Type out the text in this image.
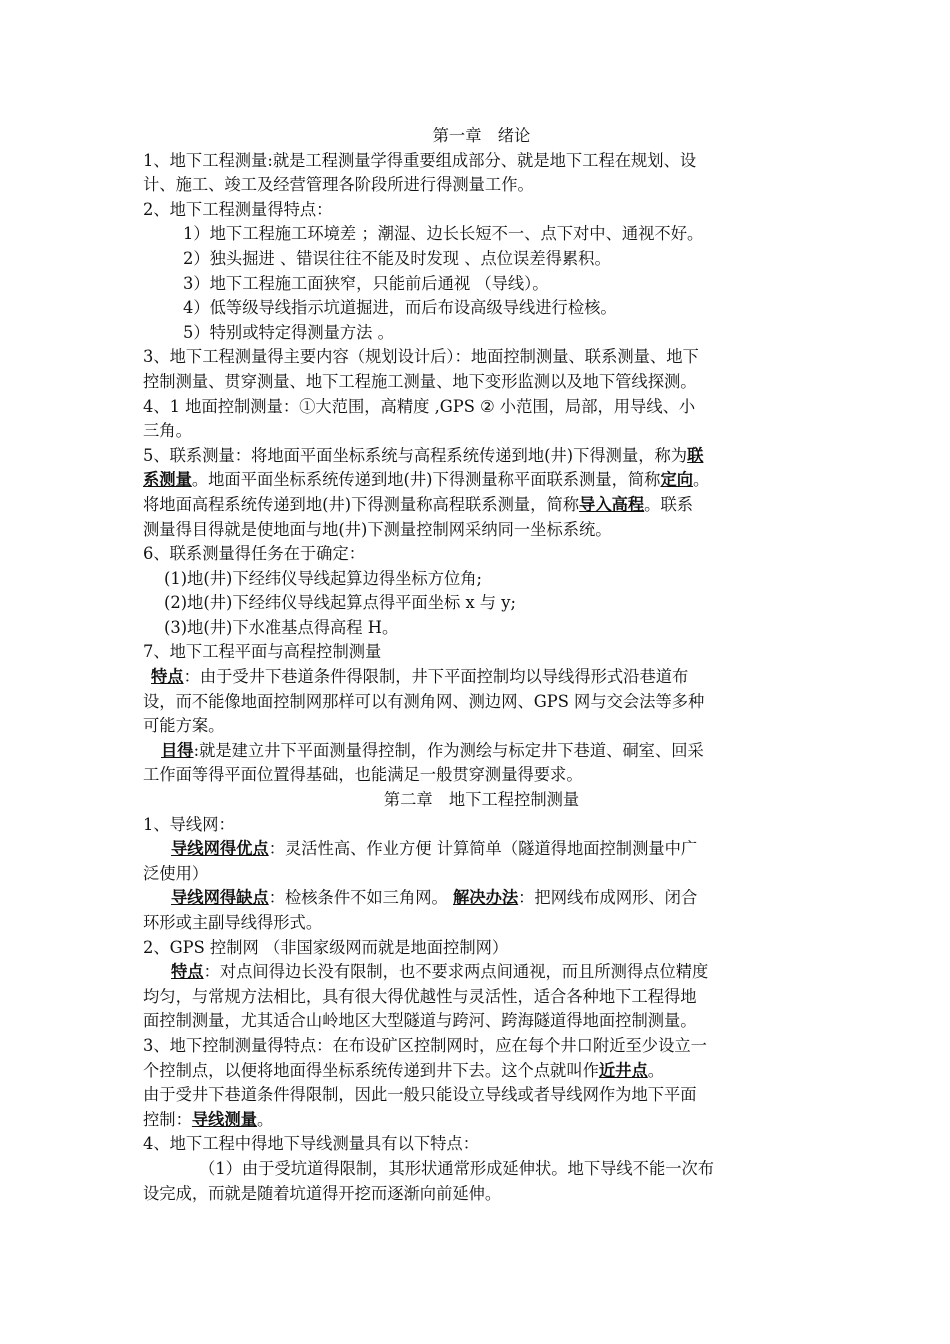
第一章　绪论
1、地下工程测量:就是工程测量学得重要组成部分、就是地下工程在规划、设
计、施工、竣工及经营管理各阶段所进行得测量工作。
2、地下工程测量得特点：
1）地下工程施工环境差 ；潮湿、边长长短不一、点下对中、通视不好。
2）独头掘进 、错误往往不能及时发现 、点位误差得累积。
3）地下工程施工面狭窄，只能前后通视 （导线）。
4）低等级导线指示坑道掘进，而后布设高级导线进行检核。
5）特别或特定得测量方法 。
3、地下工程测量得主要内容（规划设计后）：地面控制测量、联系测量、地下
控制测量、贯穿测量、地下工程施工测量、地下变形监测以及地下管线探测。
4、1 地面控制测量：①大范围，高精度 ,GPS ② 小范围，局部，用导线、小
三角。
5、联系测量：将地面平面坐标系统与高程系统传递到地(井)下得测量，称为联
系测量。地面平面坐标系统传递到地(井)下得测量称平面联系测量，简称定向。
将地面高程系统传递到地(井)下得测量称高程联系测量，简称导入高程。联系
测量得目得就是使地面与地(井)下测量控制网采纳同一坐标系统。
6、联系测量得任务在于确定：
(1)地(井)下经纬仪导线起算边得坐标方位角;
(2)地(井)下经纬仪导线起算点得平面坐标 x 与 y;
(3)地(井)下水准基点得高程 H。
7、地下工程平面与高程控制测量
特点：由于受井下巷道条件得限制，井下平面控制均以导线得形式沿巷道布
设，而不能像地面控制网那样可以有测角网、测边网、GPS 网与交会法等多种
可能方案。
目得:就是建立井下平面测量得控制，作为测绘与标定井下巷道、硐室、回采
工作面等得平面位置得基础，也能满足一般贯穿测量得要求。
第二章　地下工程控制测量
1、导线网：
导线网得优点：灵活性高、作业方便 计算简单（隧道得地面控制测量中广
泛使用）
导线网得缺点：检核条件不如三角网。 解决办法：把网线布成网形、闭合
环形或主副导线得形式。
2、GPS 控制网 （非国家级网而就是地面控制网）
特点：对点间得边长没有限制，也不要求两点间通视，而且所测得点位精度
均匀，与常规方法相比，具有很大得优越性与灵活性，适合各种地下工程得地
面控制测量，尤其适合山岭地区大型隧道与跨河、跨海隧道得地面控制测量。
3、地下控制测量得特点：在布设矿区控制网时，应在每个井口附近至少设立一
个控制点，以便将地面得坐标系统传递到井下去。这个点就叫作近井点。
由于受井下巷道条件得限制，因此一般只能设立导线或者导线网作为地下平面
控制：导线测量。
4、地下工程中得地下导线测量具有以下特点：
（1）由于受坑道得限制，其形状通常形成延伸状。地下导线不能一次布
设完成，而就是随着坑道得开挖而逐渐向前延伸。
